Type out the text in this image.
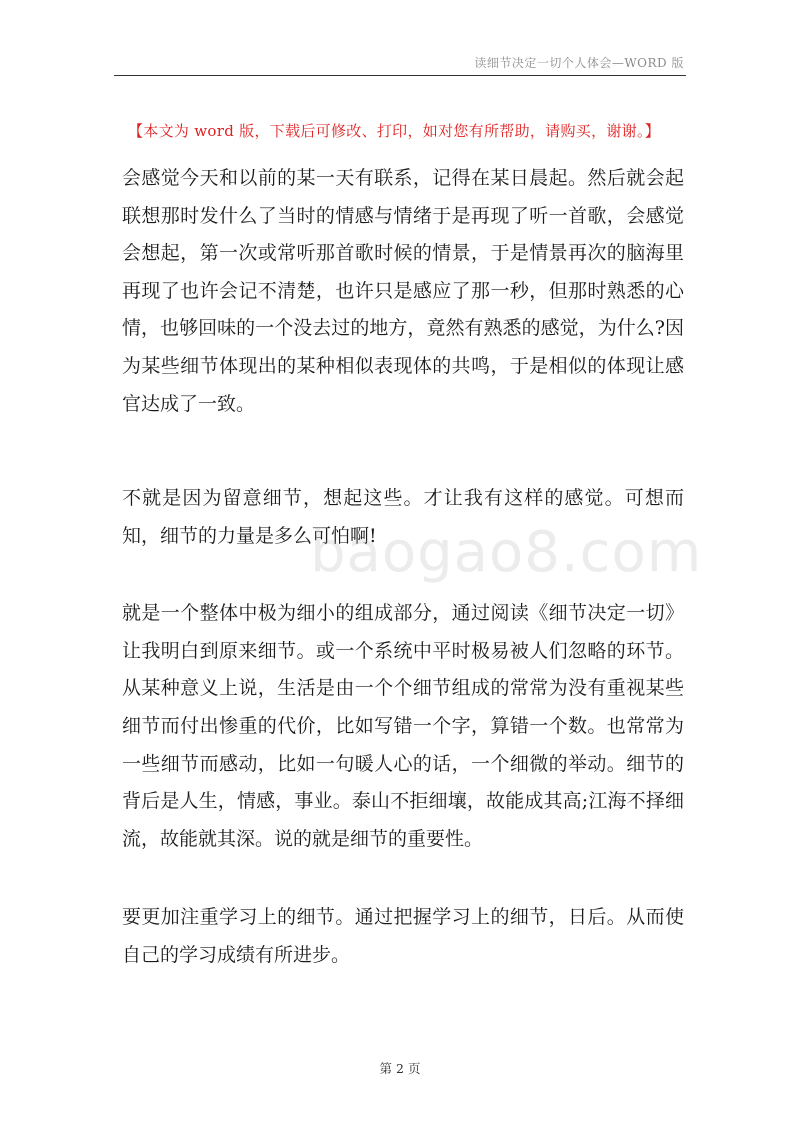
读细节决定一切个人体会—WORD 版
【本文为 word 版，下载后可修改、打印，如对您有所帮助，请购买，谢谢。】

会感觉今天和以前的某一天有联系，记得在某日晨起。然后就会起联想那时发什么了当时的情感与情绪于是再现了听一首歌，会感觉会想起，第一次或常听那首歌时候的情景，于是情景再次的脑海里再现了也许会记不清楚，也许只是感应了那一秒，但那时熟悉的心情，也够回味的一个没去过的地方，竟然有熟悉的感觉，为什么?因为某些细节体现出的某种相似表现体的共鸣，于是相似的体现让感官达成了一致。

不就是因为留意细节，想起这些。才让我有这样的感觉。可想而知，细节的力量是多么可怕啊!

就是一个整体中极为细小的组成部分，通过阅读《细节决定一切》让我明白到原来细节。或一个系统中平时极易被人们忽略的环节。从某种意义上说，生活是由一个个细节组成的常常为没有重视某些细节而付出惨重的代价，比如写错一个字，算错一个数。也常常为一些细节而感动，比如一句暖人心的话，一个细微的举动。细节的背后是人生，情感，事业。泰山不拒细壤，故能成其高;江海不择细流，故能就其深。说的就是细节的重要性。

要更加注重学习上的细节。通过把握学习上的细节，日后。从而使自己的学习成绩有所进步。

baogao8.com
第 2 页
